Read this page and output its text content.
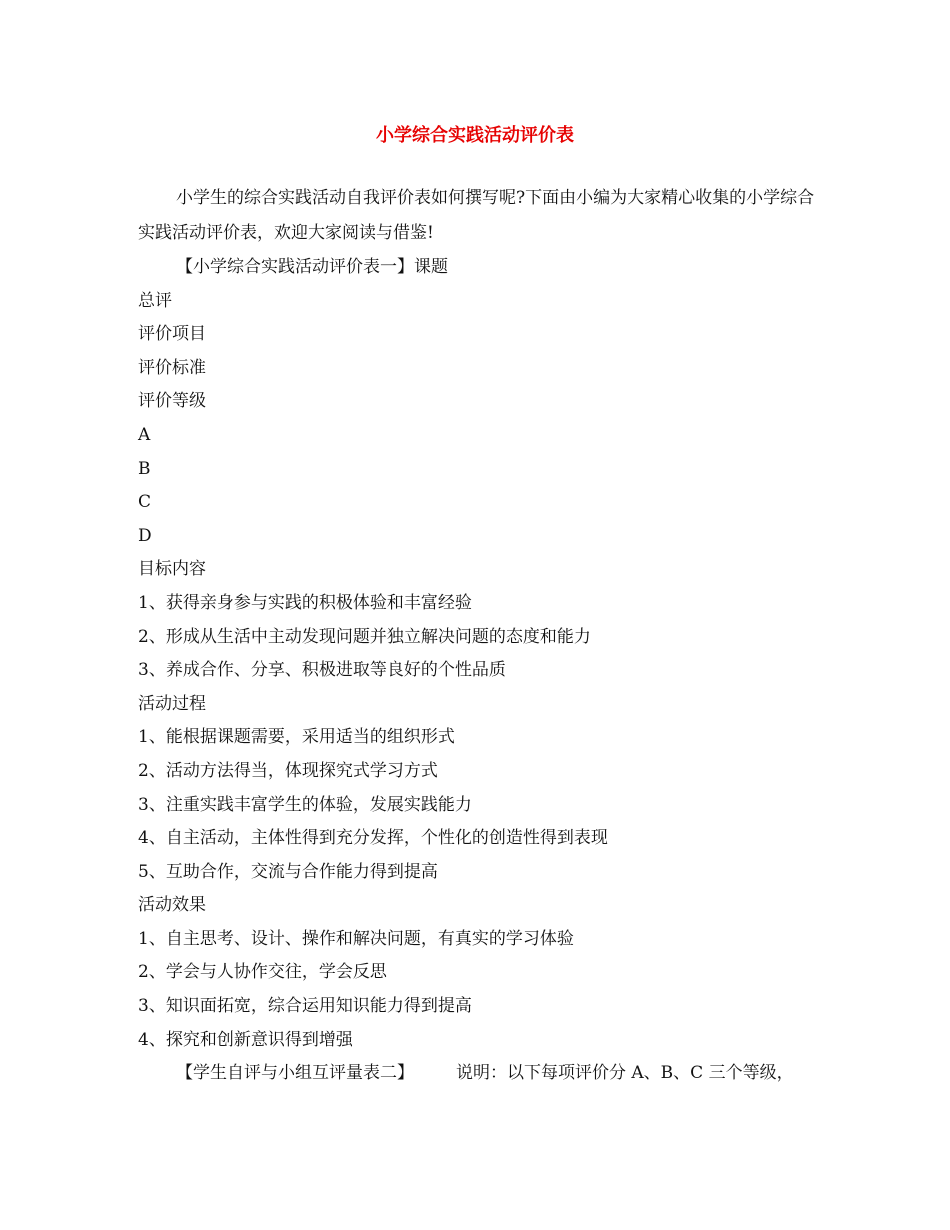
小学综合实践活动评价表

小学生的综合实践活动自我评价表如何撰写呢?下面由小编为大家精心收集的小学综合实践活动评价表，欢迎大家阅读与借鉴!

【小学综合实践活动评价表一】课题
总评
评价项目
评价标准
评价等级
A
B
C
D
目标内容
1、获得亲身参与实践的积极体验和丰富经验
2、形成从生活中主动发现问题并独立解决问题的态度和能力
3、养成合作、分享、积极进取等良好的个性品质
活动过程
1、能根据课题需要，采用适当的组织形式
2、活动方法得当，体现探究式学习方式
3、注重实践丰富学生的体验，发展实践能力
4、自主活动，主体性得到充分发挥，个性化的创造性得到表现
5、互助合作，交流与合作能力得到提高
活动效果
1、自主思考、设计、操作和解决问题，有真实的学习体验
2、学会与人协作交往，学会反思
3、知识面拓宽，综合运用知识能力得到提高
4、探究和创新意识得到增强
【学生自评与小组互评量表二】 说明：以下每项评价分 A、B、C 三个等级，
